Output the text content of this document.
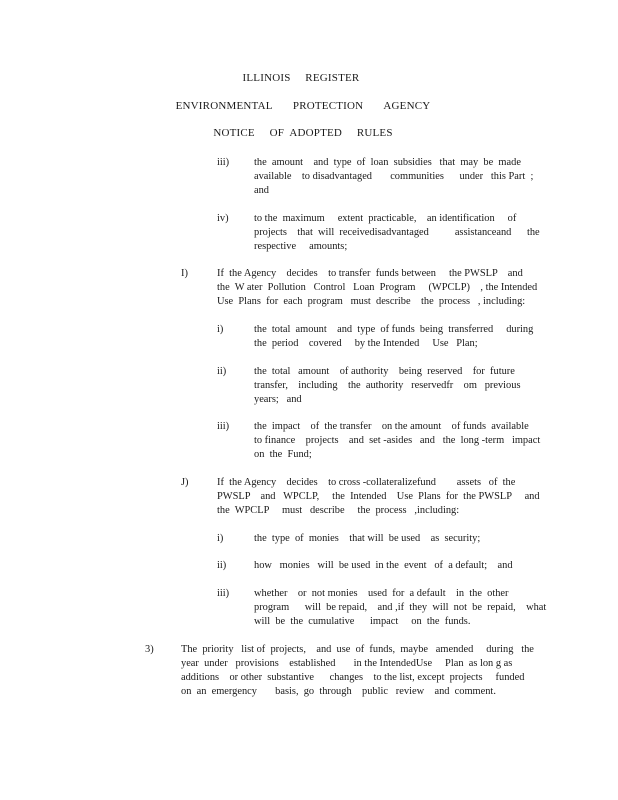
ILLINOIS     REGISTER
ENVIRONMENTAL       PROTECTION       AGENCY
NOTICE     OF  ADOPTED     RULES
iii) the  amount    and  type  of  loan  subsidies   that  may  be  made
available    to disadvantaged       communities      under   this Part  ;
and
iv) to the  maximum     extent  practicable,    an identification     of
projects    that  will  receivedisadvantaged          assistanceand      the
respective     amounts;
I)	If  the Agency    decides    to transfer  funds between     the PWSLP    and
the  W ater  Pollution   Control   Loan  Program     (WPCLP)    , the Intended
Use  Plans  for  each  program   must  describe    the  process   , including:
i)	the  total  amount    and  type  of funds  being  transferred     during
the  period    covered     by the Intended     Use   Plan;
ii)	the  total   amount    of authority    being  reserved    for  future
transfer,    including    the  authority   reservedfr    om   previous
years;   and
iii) the  impact    of  the transfer    on the amount    of funds  available
to finance    projects    and  set -asides   and   the  long -term   impact
on  the  Fund;
J)	If  the Agency    decides    to cross -collateralizefund        assets   of  the
PWSLP    and   WPCLP,     the  Intended    Use  Plans  for  the PWSLP     and
the  WPCLP     must   describe     the  process   ,including:
i)	the  type  of  monies    that will  be used    as  security;
ii)	how   monies   will  be used  in the  event   of  a default;    and
iii) whether    or  not monies    used  for  a default    in  the  other
program      will  be repaid,    and ,if  they  will  not  be  repaid,    what
will  be  the  cumulative      impact     on  the  funds.
3)	The  priority   list of  projects,    and  use  of  funds,  maybe   amended     during   the
year  under   provisions    established       in the IntendedUse     Plan  as lon g as
additions    or other  substantive      changes    to the list, except  projects     funded
on  an  emergency       basis,  go  through    public   review    and  comment.
